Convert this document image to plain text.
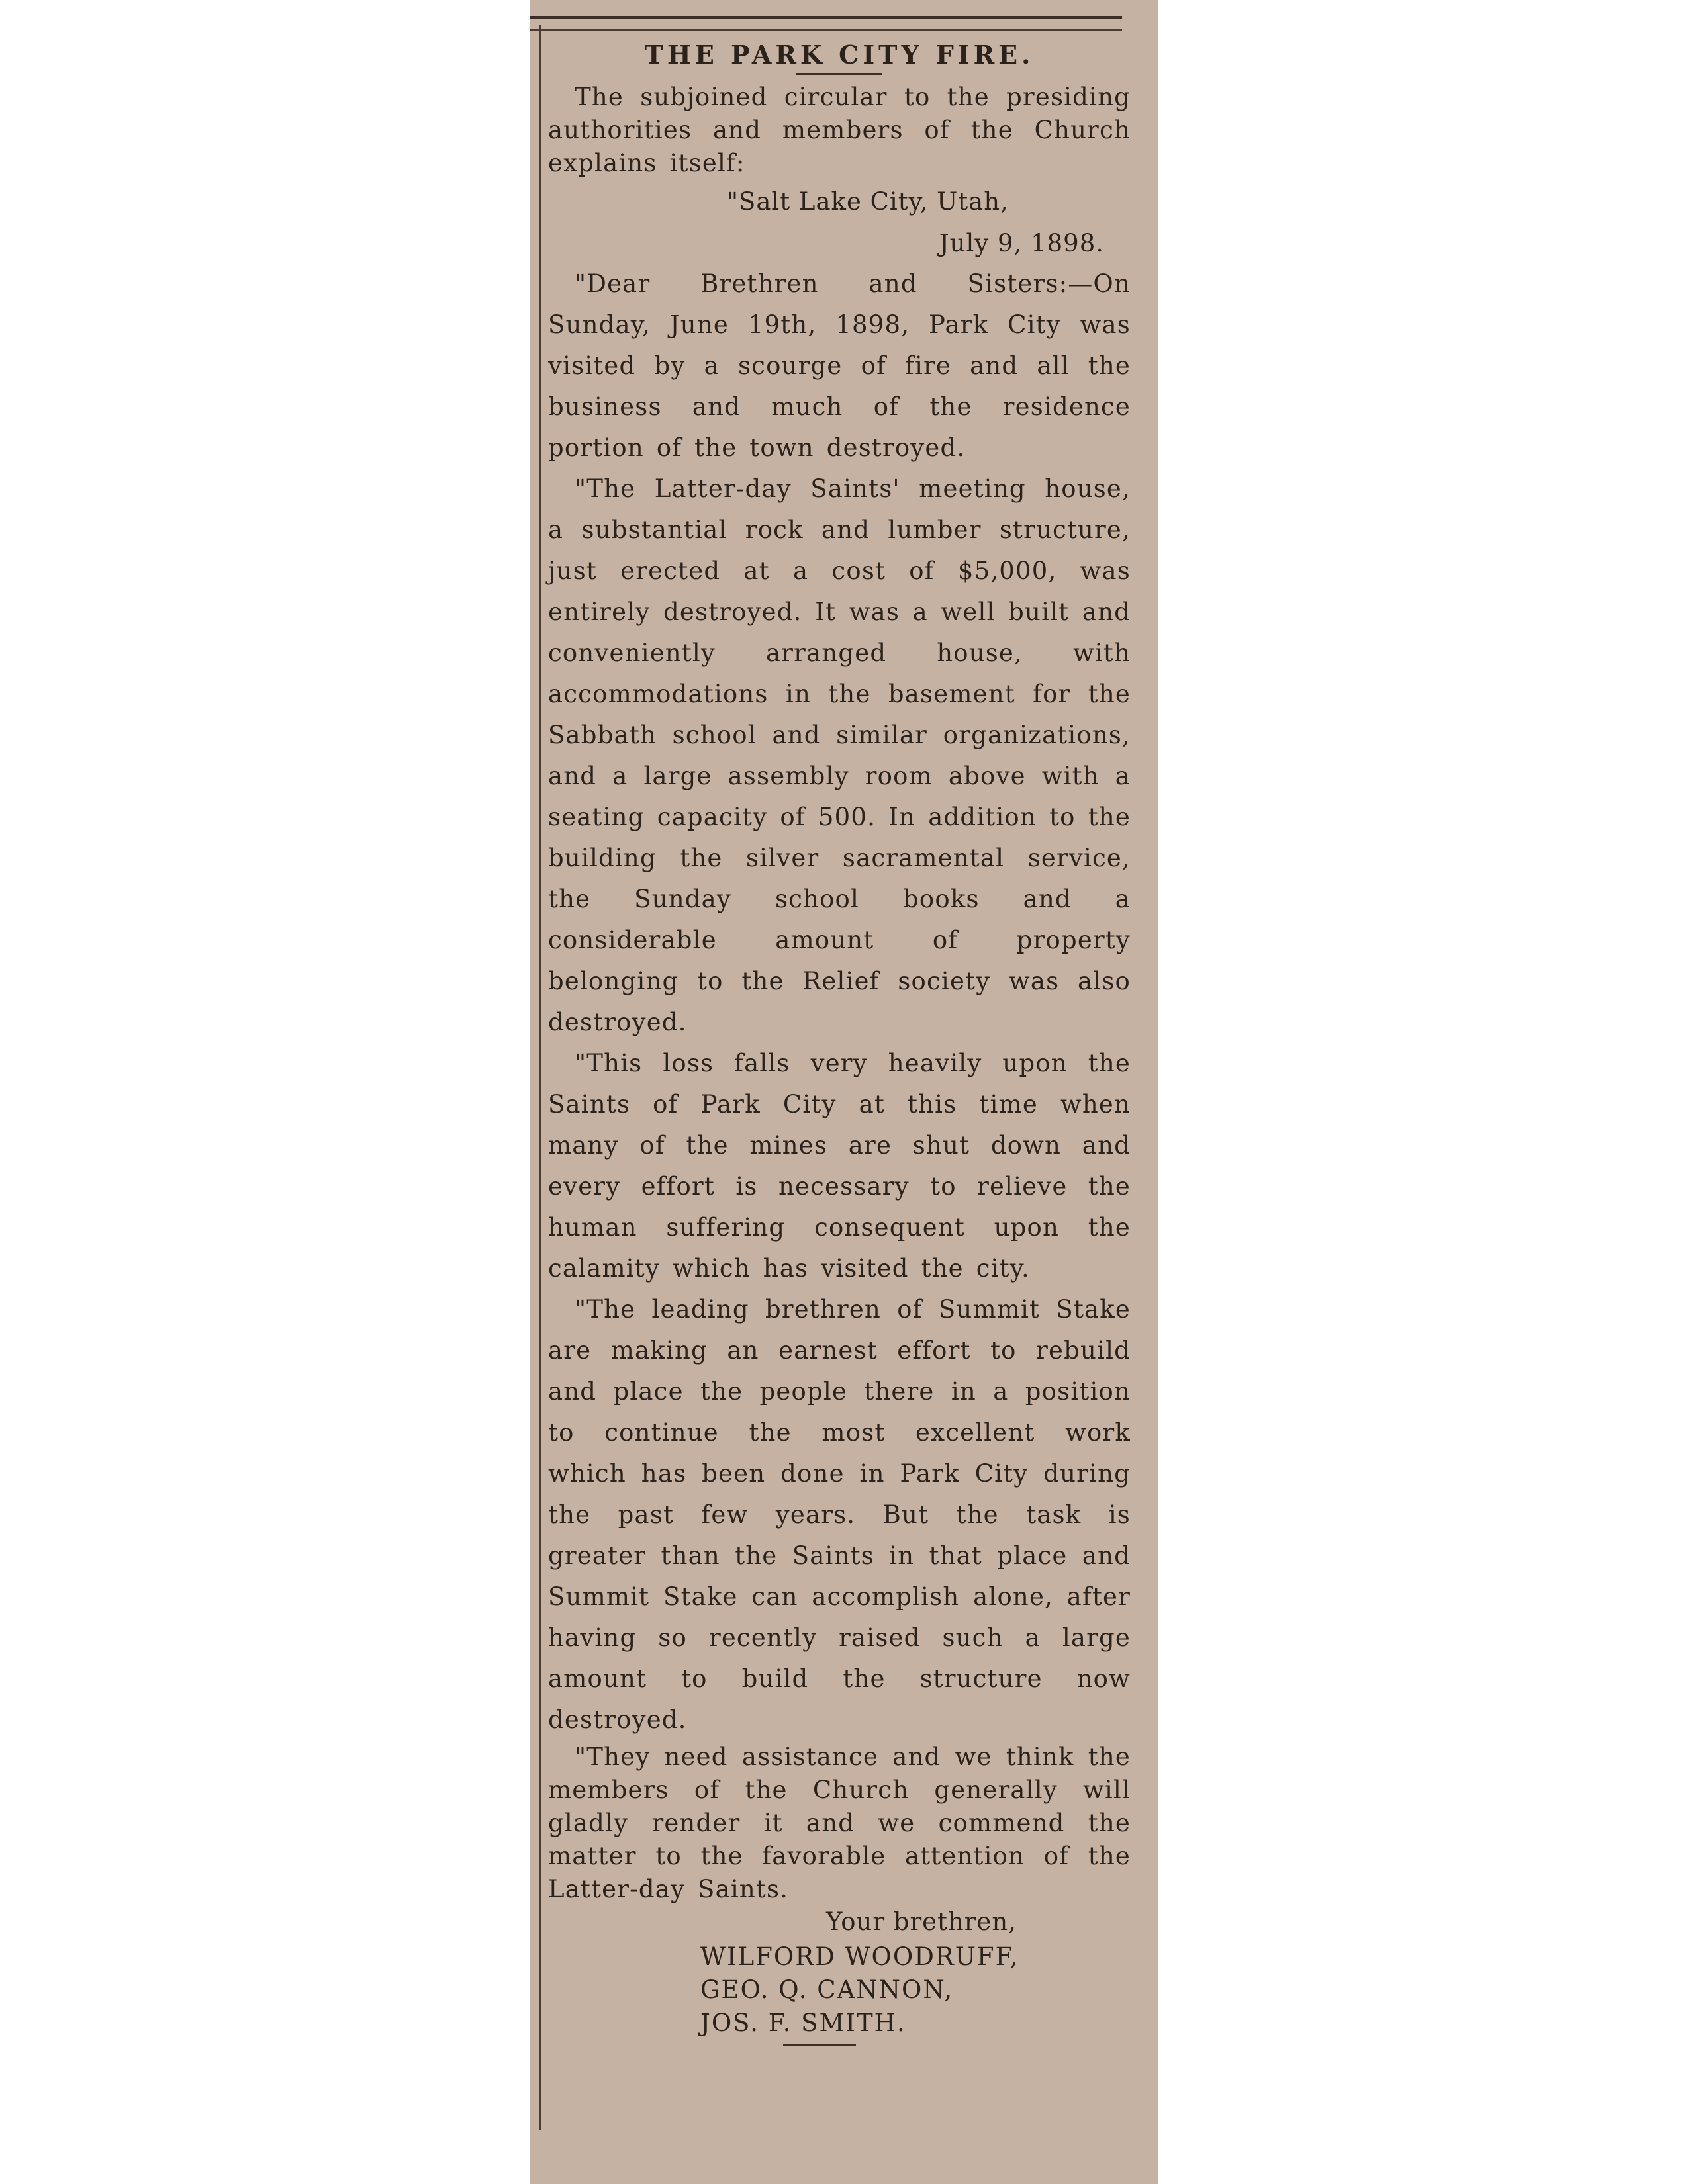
THE PARK CITY FIRE.

The subjoined circular to the presiding authorities and members of the Church explains itself:

"Salt Lake City, Utah,

July 9, 1898.

"Dear Brethren and Sisters:—On Sunday, June 19th, 1898, Park City was visited by a scourge of fire and all the business and much of the residence portion of the town destroyed.

"The Latter-day Saints' meeting house, a substantial rock and lumber structure, just erected at a cost of $5,000, was entirely destroyed. It was a well built and conveniently arranged house, with accommodations in the basement for the Sabbath school and similar organizations, and a large assembly room above with a seating capacity of 500. In addition to the building the silver sacramental service, the Sunday school books and a considerable amount of property belonging to the Relief society was also destroyed.

"This loss falls very heavily upon the Saints of Park City at this time when many of the mines are shut down and every effort is necessary to relieve the human suffering consequent upon the calamity which has visited the city.

"The leading brethren of Summit Stake are making an earnest effort to rebuild and place the people there in a position to continue the most excellent work which has been done in Park City during the past few years. But the task is greater than the Saints in that place and Summit Stake can accomplish alone, after having so recently raised such a large amount to build the structure now destroyed.

"They need assistance and we think the members of the Church generally will gladly render it and we commend the matter to the favorable attention of the Latter-day Saints.

Your brethren,

WILFORD WOODRUFF,
GEO. Q. CANNON,
JOS. F. SMITH.
